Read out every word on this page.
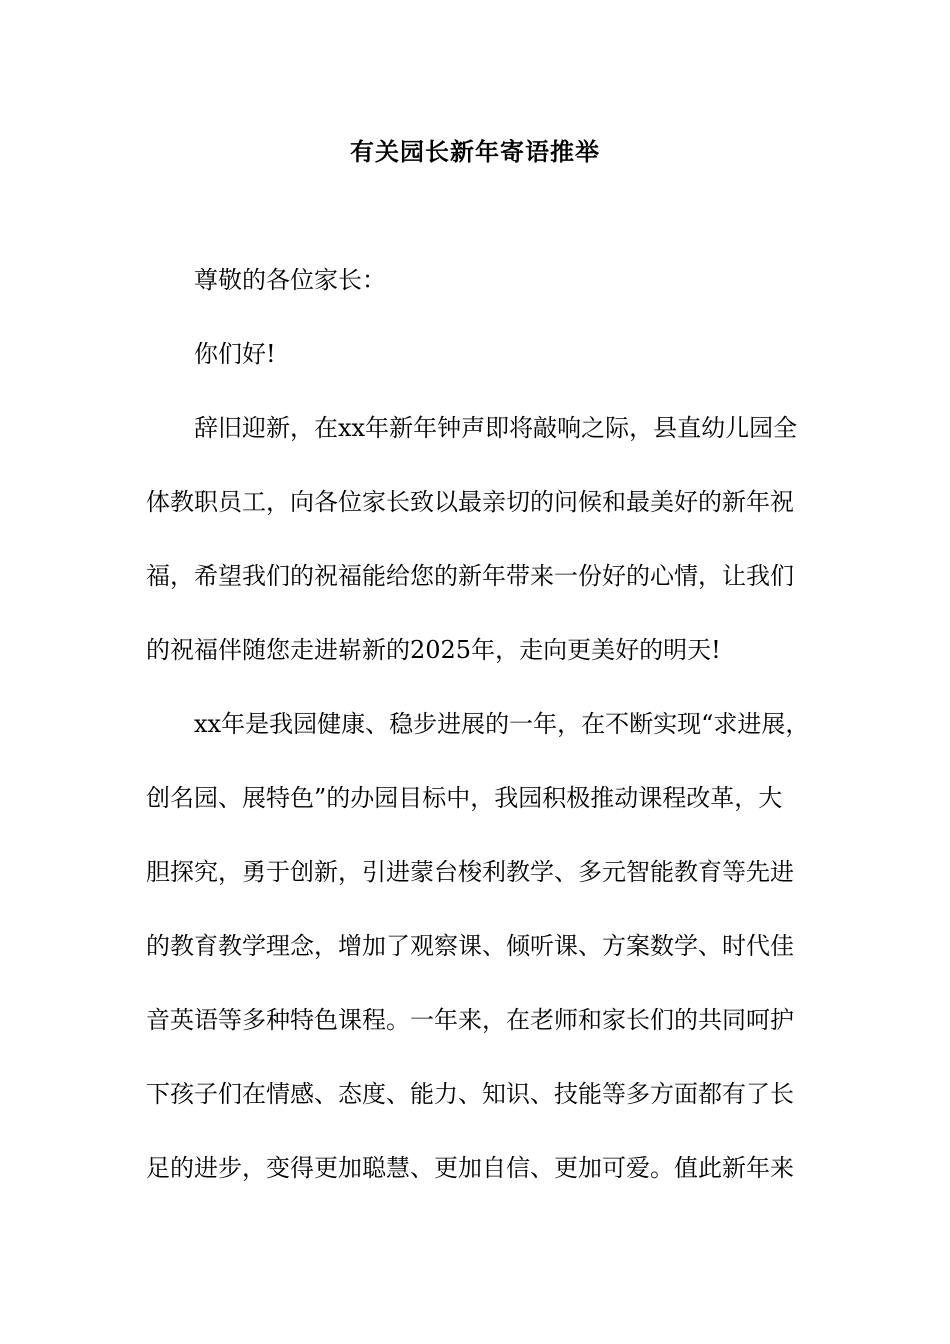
有关园长新年寄语推举
尊敬的各位家长：
你们好!
辞旧迎新，在xx年新年钟声即将敲响之际，县直幼儿园全
体教职员工，向各位家长致以最亲切的问候和最美好的新年祝
福，希望我们的祝福能给您的新年带来一份好的心情，让我们
的祝福伴随您走进崭新的2025年，走向更美好的明天!
xx年是我园健康、稳步进展的一年，在不断实现“求进展，
创名园、展特色”的办园目标中，我园积极推动课程改革，大
胆探究，勇于创新，引进蒙台梭利教学、多元智能教育等先进
的教育教学理念，增加了观察课、倾听课、方案数学、时代佳
音英语等多种特色课程。一年来，在老师和家长们的共同呵护
下孩子们在情感、态度、能力、知识、技能等多方面都有了长
足的进步，变得更加聪慧、更加自信、更加可爱。值此新年来
